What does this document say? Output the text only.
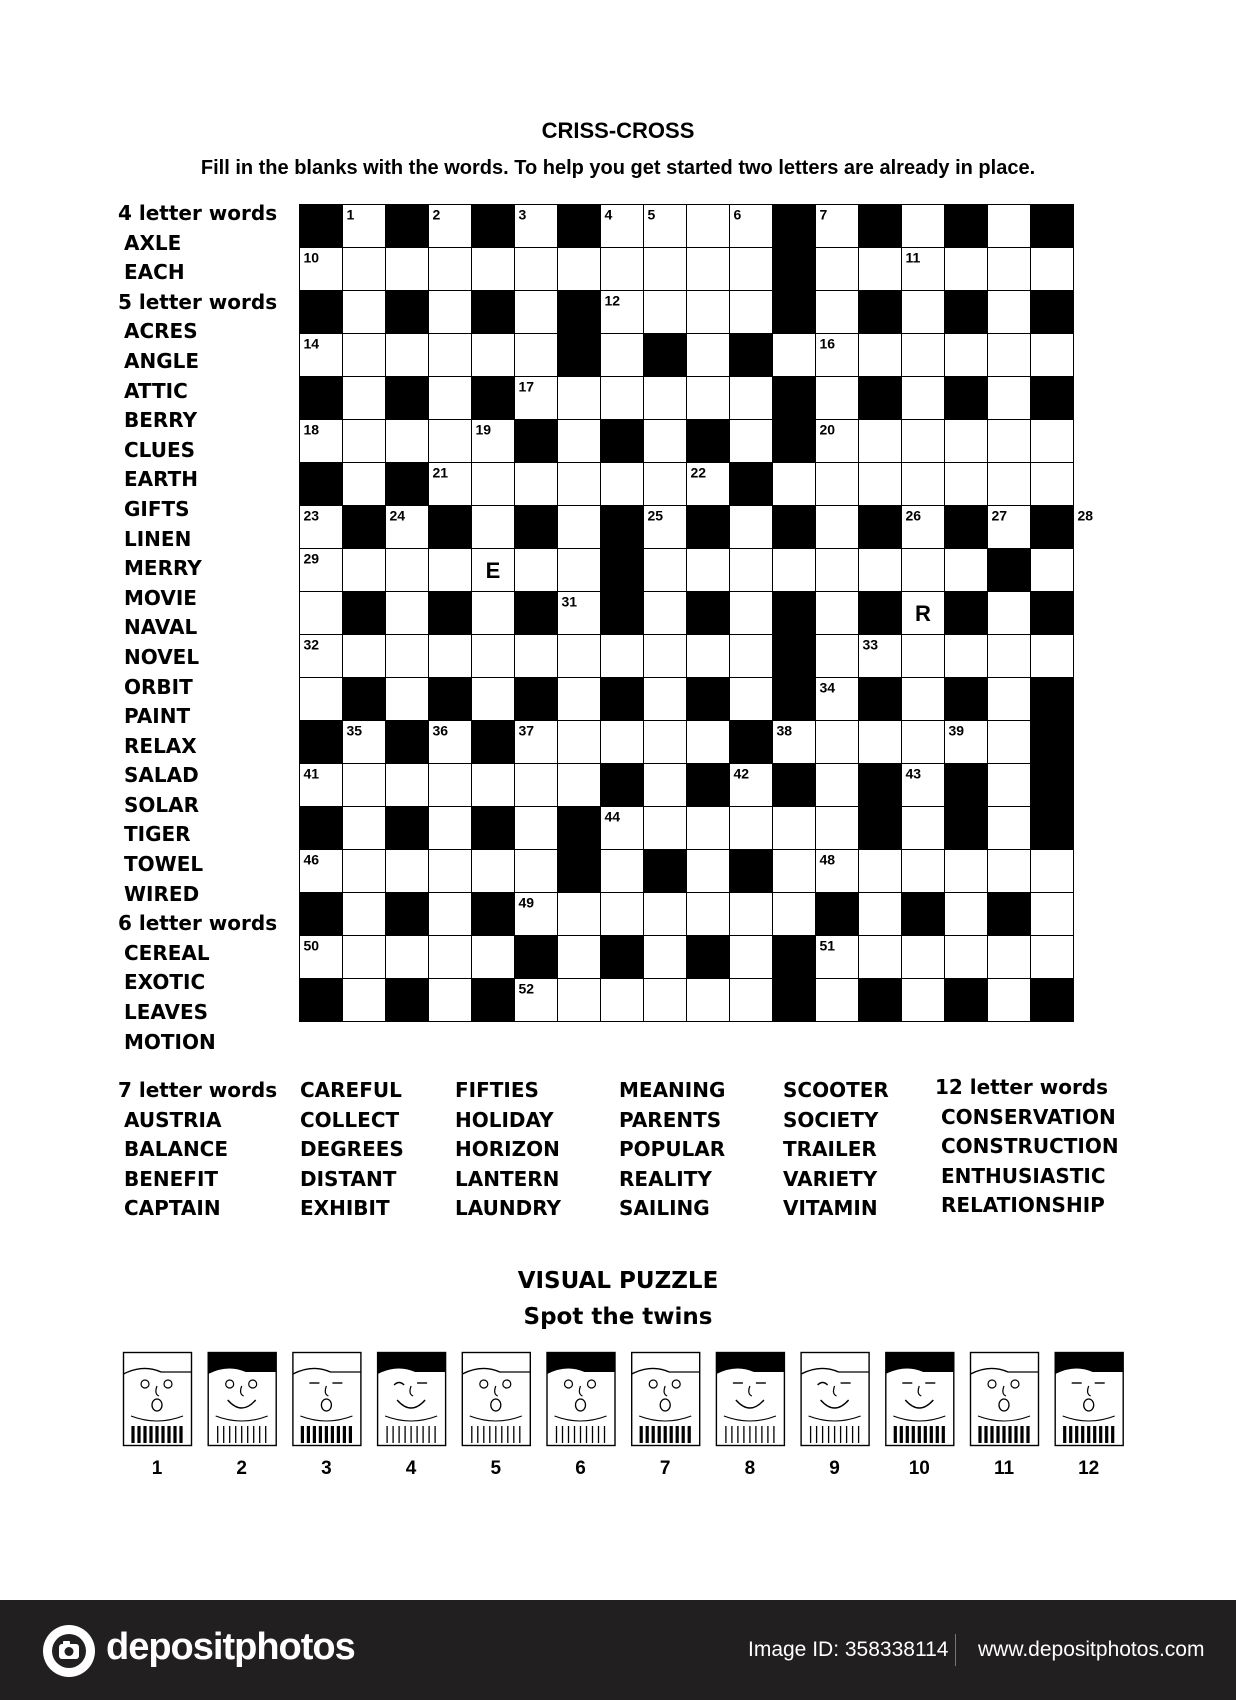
CRISS-CROSS
Fill in the blanks with the words. To help you get started two letters are already in place.
4 letter words
AXLE
EACH
5 letter words
ACRES
ANGLE
ATTIC
BERRY
CLUES
EARTH
GIFTS
LINEN
MERRY
MOVIE
NAVAL
NOVEL
ORBIT
PAINT
RELAX
SALAD
SOLAR
TIGER
TOWEL
WIRED
6 letter words
CEREAL
EXOTIC
LEAVES
MOTION
7 letter words
AUSTRIA
BALANCE
BENEFIT
CAPTAIN
CAREFUL
COLLECT
DEGREES
DISTANT
EXHIBIT
FIFTIES
HOLIDAY
HORIZON
LANTERN
LAUNDRY
MEANING
PARENTS
POPULAR
REALITY
SAILING
SCOOTER
SOCIETY
TRAILER
VARIETY
VITAMIN
12 letter words
CONSERVATION
CONSTRUCTION
ENTHUSIASTIC
RELATIONSHIP
1	2	3	4	5	6	7	8	9
10	11
12	13
14	15	16
17
18	19	20
21	22
23	24	25	26	27	28
29	30
31
32	33
34
35	36	37	38	39	40
41	42	43
44	45
46	47	48
49
50	51
52
E
R
VISUAL PUZZLE
Spot the twins
1	2	3	4	5	6	7	8	9	10	11	12
depositphotos	Image ID: 358338114 www.depositphotos.com
